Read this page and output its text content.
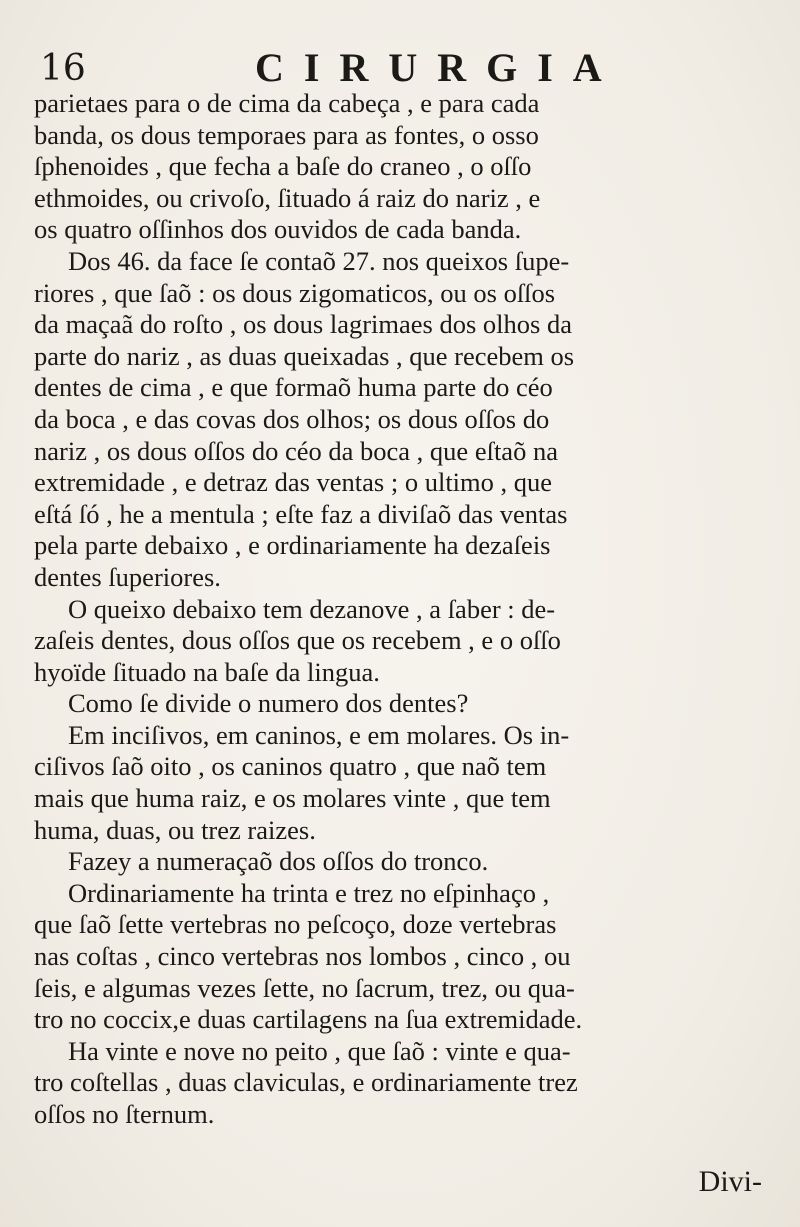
16	CIRURGIA
parietaes para o de cima da cabeça , e para cada
banda, os dous temporaes para as fontes, o osso
ſphenoides , que fecha a baſe do craneo , o oſſo
ethmoides, ou crivoſo, ſituado á raiz do nariz , e
os quatro oſſinhos dos ouvidos de cada banda.
Dos 46. da face ſe contaõ 27. nos queixos ſupe-
riores , que ſaõ : os dous zigomaticos, ou os oſſos
da maçaã do roſto , os dous lagrimaes dos olhos da
parte do nariz , as duas queixadas , que recebem os
dentes de cima , e que formaõ huma parte do céo
da boca , e das covas dos olhos; os dous oſſos do
nariz , os dous oſſos do céo da boca , que eſtaõ na
extremidade , e detraz das ventas ; o ultimo , que
eſtá ſó , he a mentula ; eſte faz a diviſaõ das ventas
pela parte debaixo , e ordinariamente ha dezaſeis
dentes ſuperiores.
O queixo debaixo tem dezanove , a ſaber : de-
zaſeis dentes, dous oſſos que os recebem , e o oſſo
hyoïde ſituado na baſe da lingua.
Como ſe divide o numero dos dentes?
Em inciſivos, em caninos, e em molares. Os in-
ciſivos ſaõ oito , os caninos quatro , que naõ tem
mais que huma raiz, e os molares vinte , que tem
huma, duas, ou trez raizes.
Fazey a numeraçaõ dos oſſos do tronco.
Ordinariamente ha trinta e trez no eſpinhaço ,
que ſaõ ſette vertebras no peſcoço, doze vertebras
nas coſtas , cinco vertebras nos lombos , cinco , ou
ſeis, e algumas vezes ſette, no ſacrum, trez, ou qua-
tro no coccix,e duas cartilagens na ſua extremidade.
Ha vinte e nove no peito , que ſaõ : vinte e qua-
tro coſtellas , duas claviculas, e ordinariamente trez
oſſos no ſternum.
Divi-
